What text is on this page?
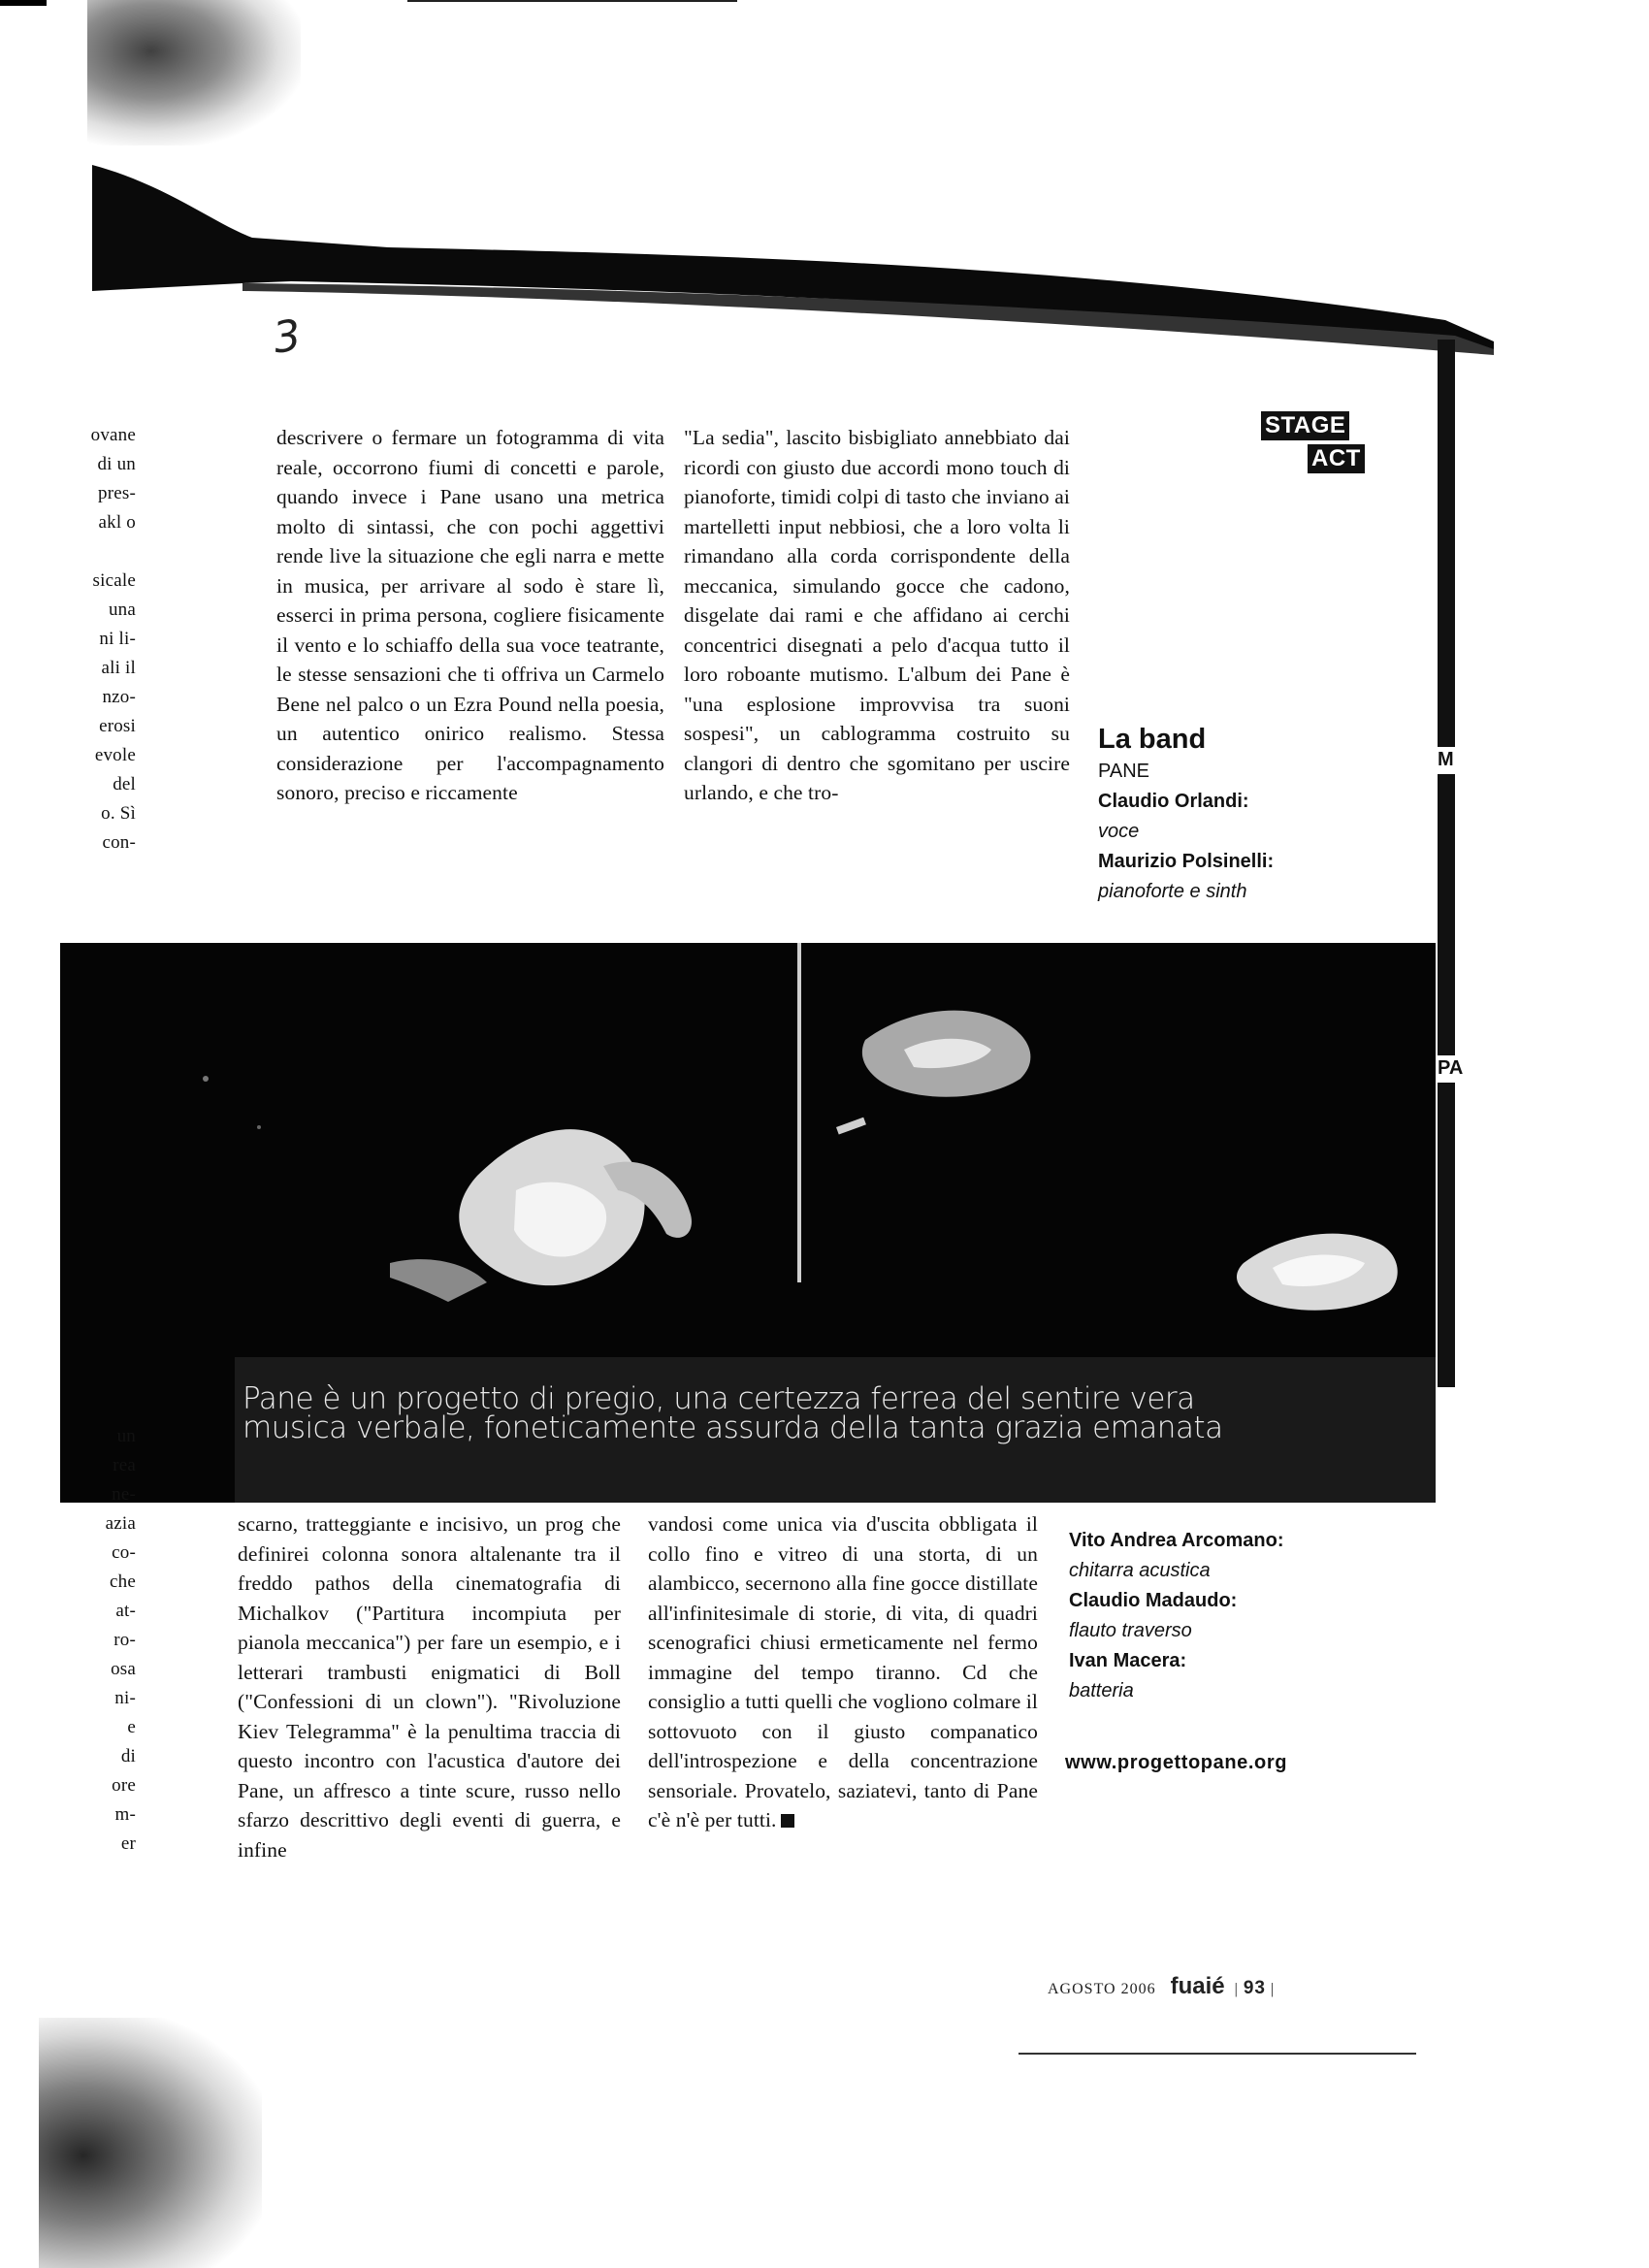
3
M
PA
ovane
di un
pres-
akl o

sicale
una
ni li-
ali il
nzo-
erosi
evole
del
o. Sì
con-

descrivere o fermare un fotogramma di vita reale, occorrono fiumi di concetti e parole, quando invece i Pane usano una metrica molto di sintassi, che con pochi aggettivi rende live la situazione che egli narra e mette in musica, per arrivare al sodo è stare lì, esserci in prima persona, cogliere fisicamente il vento e lo schiaffo della sua voce teatrante, le stesse sensazioni che ti offriva un Carmelo Bene nel palco o un Ezra Pound nella poesia, un autentico onirico realismo. Stessa considerazione per l'accompagnamento sonoro, preciso e riccamente

"La sedia", lascito bisbigliato annebbiato dai ricordi con giusto due accordi mono touch di pianoforte, timidi colpi di tasto che inviano ai martelletti input nebbiosi, che a loro volta li rimandano alla corda corrispondente della meccanica, simulando gocce che cadono, disgelate dai rami e che affidano ai cerchi concentrici disegnati a pelo d'acqua tutto il loro roboante mutismo. L'album dei Pane è "una esplosione improvvisa tra suoni sospesi", un cablogramma costruito su clangori di dentro che sgomitano per uscire urlando, e che tro-

STAGE
ACT
La band
PANE
Claudio Orlandi:
voce
Maurizio Polsinelli:
pianoforte e sinth
Pane è un progetto di pregio, una certezza ferrea del sentire vera
musica verbale, foneticamente assurda della tanta grazia emanata
un
rea
ne-
azia
co-
che
at-
ro-
osa
ni-
e
di
ore
m-
er

scarno, tratteggiante e incisivo, un prog che definirei colonna sonora altalenante tra il freddo pathos della cinematografia di Michalkov ("Partitura incompiuta per pianola meccanica") per fare un esempio, e i letterari trambusti enigmatici di Boll ("Confessioni di un clown"). "Rivoluzione Kiev Telegramma" è la penultima traccia di questo incontro con l'acustica d'autore dei Pane, un affresco a tinte scure, russo nello sfarzo descrittivo degli eventi di guerra, e infine

vandosi come unica via d'uscita obbligata il collo fino e vitreo di una storta, di un alambicco, secernono alla fine gocce distillate all'infinitesimale di storie, di vita, di quadri scenografici chiusi ermeticamente nel fermo immagine del tempo tiranno. Cd che consiglio a tutti quelli che vogliono colmare il sottovuoto con il giusto companatico dell'introspezione e della concentrazione sensoriale. Provatelo, saziatevi, tanto di Pane c'è n'è per tutti.

Vito Andrea Arcomano:
chitarra acustica
Claudio Madaudo:
flauto traverso
Ivan Macera:
batteria
www.progettopane.org
AGOSTO 2006 fuaié  | 93 |
